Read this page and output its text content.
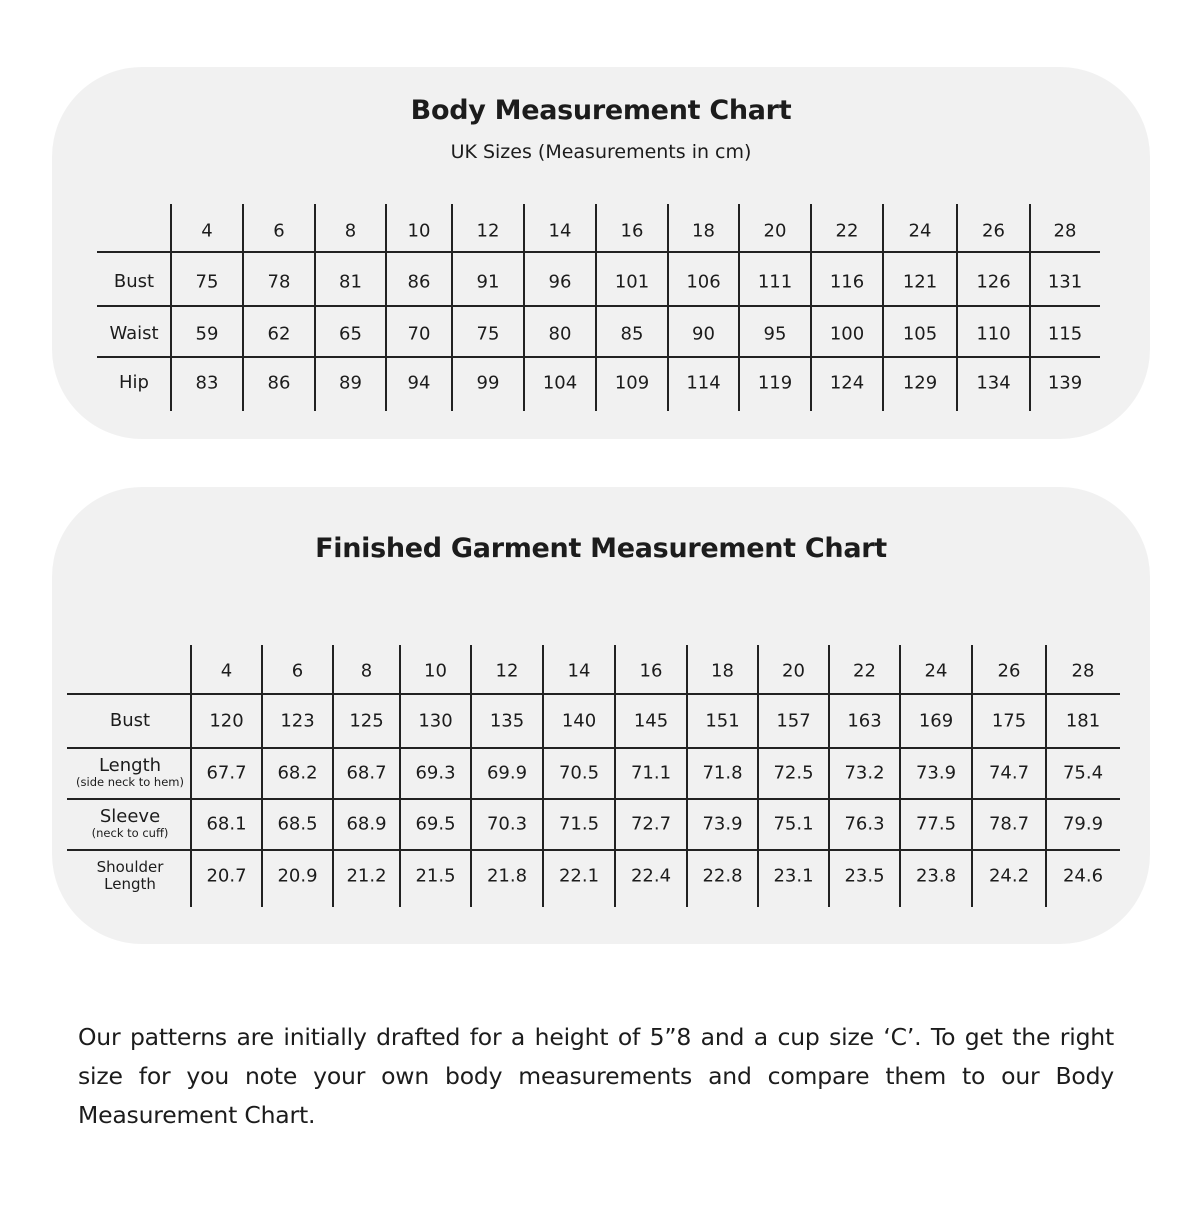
Body Measurement Chart
UK Sizes (Measurements in cm)
Finished Garment Measurement Chart
4	6	8	10	12	14	16	18	20	22	24	26	28
Bust 75	78	81	86	91	96 101 106 111 116 121 126 131
Waist 59	62	65	70	75	80	85	90	95 100 105 110 115
Hip	83	86	89	94	99 104 109 114 119 124 129 134 139
4	6	8	10	12	14	16	18	20	22	24	26	28
Bust	120 123 125 130 135 140 145 151 157 163 169 175 181
Length
(side neck to hem) 67.7 68.2 68.7 69.3 69.9 70.5 71.1 71.8 72.5 73.2 73.9 74.7 75.4
Sleeve
(neck to cuff) 68.1 68.5 68.9 69.5 70.3 71.5 72.7 73.9 75.1 76.3 77.5 78.7 79.9
Shoulder
Length	20.7 20.9 21.2 21.5 21.8 22.1 22.4 22.8 23.1 23.5 23.8 24.2 24.6
Our patterns are initially drafted for a height of 5”8 and a cup size ‘C’. To get the right size for you note your own body measurements and compare them to our Body Measurement Chart.
